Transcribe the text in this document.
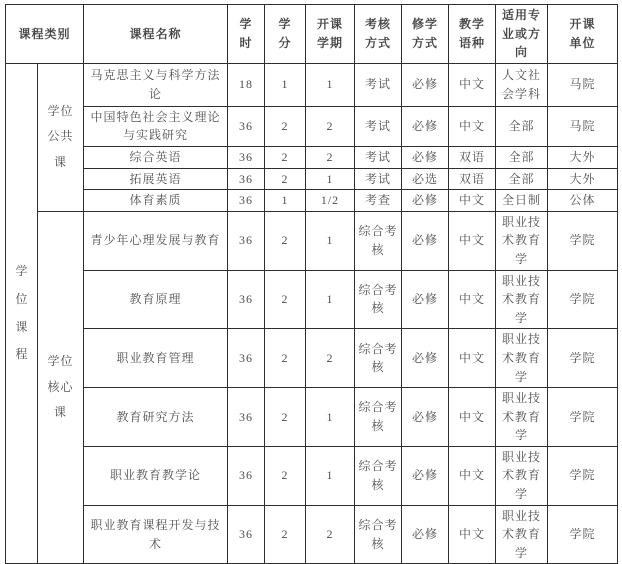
课程类别		课程名称	学时	学分	开课学期	考核方式	修学方式	教学语种	适用专业或方向	开课单位

学位课程	学位公共课	马克思主义与科学方法论	18	1	1	考试	必修	中文	人文社会学科	马院
		中国特色社会主义理论与实践研究	36	2	2	考试	必修	中文	全部	马院
		综合英语	36	2	2	考试	必修	双语	全部	大外
		拓展英语	36	2	1	考试	必选	双语	全部	大外
		体育素质	36	1	1/2	考查	必修	中文	全日制	公体

	学位核心课	青少年心理发展与教育	36	2	1	综合考核	必修	中文	职业技术教育学	学院
		教育原理	36	2	1	综合考核	必修	中文	职业技术教育学	学院
		职业教育管理	36	2	2	综合考核	必修	中文	职业技术教育学	学院
		教育研究方法	36	2	1	综合考核	必修	中文	职业技术教育学	学院
		职业教育教学论	36	2	1	综合考核	必修	中文	职业技术教育学	学院
		职业教育课程开发与技术	36	2	2	综合考核	必修	中文	职业技术教育学	学院
